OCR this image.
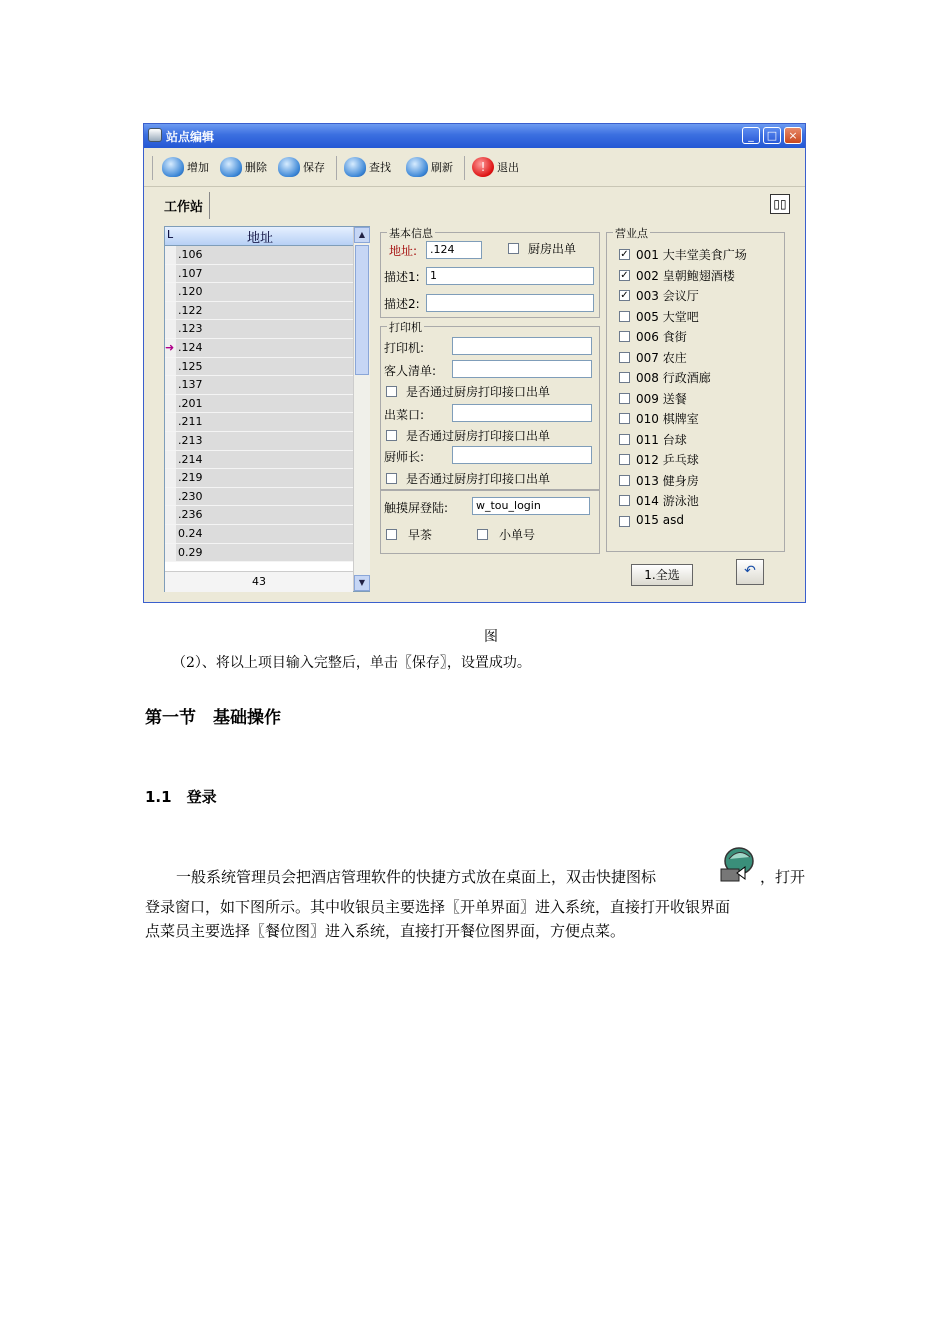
站点编辑	_	□	×
增加	删除	保存	查找	刷新	!	退出
工作站	▯▯
L	地址
.106
.107
.120
.122
.123
➜ .124
.125
.137
.201
.211
.213
.214
.219
.230
.236
0.24
0.29
43
▲
▼
基本信息
地址:	.124	厨房出单
描述1: 1
描述2:
打印机
打印机:
客人清单:
是否通过厨房打印接口出单
出菜口:
是否通过厨房打印接口出单
厨师长:
是否通过厨房打印接口出单
触摸屏登陆:	w_tou_login
早茶	小单号
营业点
1.全选	↶
✓ 001 大丰堂美食广场
✓ 002 皇朝鲍翅酒楼
✓ 003 会议厅
005 大堂吧
006 食街
007 农庄
008 行政酒廊
009 送餐
010 棋牌室
011 台球
012 乒乓球
013 健身房
014 游泳池
015 asd
图
（2）、将以上项目输入完整后，单击〖保存〗，设置成功。
第一节　基础操作
1.1　登录
一般系统管理员会把酒店管理软件的快捷方式放在桌面上，双击快捷图标	，打开
登录窗口，如下图所示。其中收银员主要选择〖开单界面〗进入系统，直接打开收银界面
点菜员主要选择〖餐位图〗进入系统，直接打开餐位图界面，方便点菜。
